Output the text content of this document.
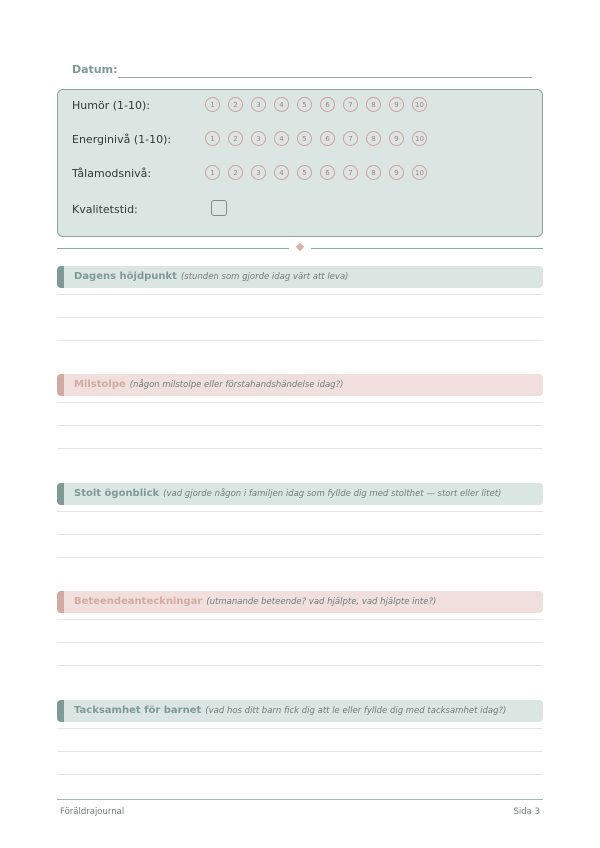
Datum:
Humör (1-10):	1	2	3	4	5	6	7	8	9	10
Energinivå (1-10):	1	2	3	4	5	6	7	8	9	10
Tålamodsnivå:	1	2	3	4	5	6	7	8	9	10
Kvalitetstid:
Dagens höjdpunkt (stunden som gjorde idag värt att leva)
Milstolpe (någon milstolpe eller förstahandshändelse idag?)
Stolt ögonblick (vad gjorde någon i familjen idag som fyllde dig med stolthet — stort eller litet)
Beteendeanteckningar (utmanande beteende? vad hjälpte, vad hjälpte inte?)
Tacksamhet för barnet (vad hos ditt barn fick dig att le eller fyllde dig med tacksamhet idag?)
Föräldrajournal	Sida 3
